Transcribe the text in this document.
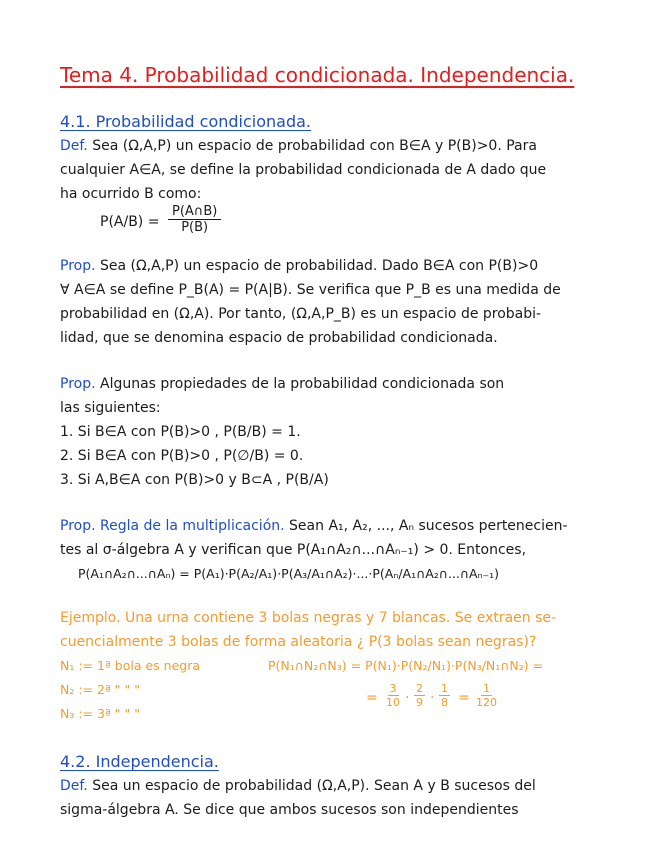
Tema 4. Probabilidad condicionada. Independencia.
4.1. Probabilidad condicionada.
Def. Sea (Ω,A,P) un espacio de probabilidad con B∈A y P(B)>0. Para
cualquier A∈A, se define la probabilidad condicionada de A dado que
ha ocurrido B como:
$P(A/B) = \frac{P(A\cap B)}{P(B)}$
Prop. Sea (Ω,A,P) un espacio de probabilidad. Dado B∈A con P(B)>0
∀ A∈A se define P_B(A) = P(A|B). Se verifica que P_B es una medida de
probabilidad en (Ω,A). Por tanto, (Ω,A,P_B) es un espacio de probabi-
lidad, que se denomina espacio de probabilidad condicionada.
Prop. Algunas propiedades de la probabilidad condicionada son
las siguientes:
1. Si B∈A con P(B)>0 , P(B/B) = 1.
2. Si B∈A con P(B)>0 , P(∅/B) = 0.
3. Si A,B∈A con P(B)>0 y B⊂A , P(B/A)
Prop. Regla de la multiplicación. Sean A₁, A₂, ..., Aₙ sucesos pertenecien-
tes al σ-álgebra A y verifican que P(A₁∩A₂∩...∩Aₙ₋₁) > 0. Entonces,
P(A₁∩A₂∩...∩Aₙ) = P(A₁)·P(A₂/A₁)·P(A₃/A₁∩A₂)·...·P(Aₙ/A₁∩A₂∩...∩Aₙ₋₁)
Ejemplo. Una urna contiene 3 bolas negras y 7 blancas. Se extraen se-
cuencialmente 3 bolas de forma aleatoria ¿ P(3 bolas sean negras)?
N₁ := 1ª bola es negra
N₂ := 2ª " " "
N₃ := 3ª " " "
P(N₁∩N₂∩N₃) = P(N₁)·P(N₂/N₁)·P(N₃/N₁∩N₂) =
= $\frac{3}{10} \cdot \frac{2}{9} \cdot \frac{1}{8} = \frac{1}{120}$
4.2. Independencia.
Def. Sea un espacio de probabilidad (Ω,A,P). Sean A y B sucesos del
sigma-álgebra A. Se dice que ambos sucesos son independientes
